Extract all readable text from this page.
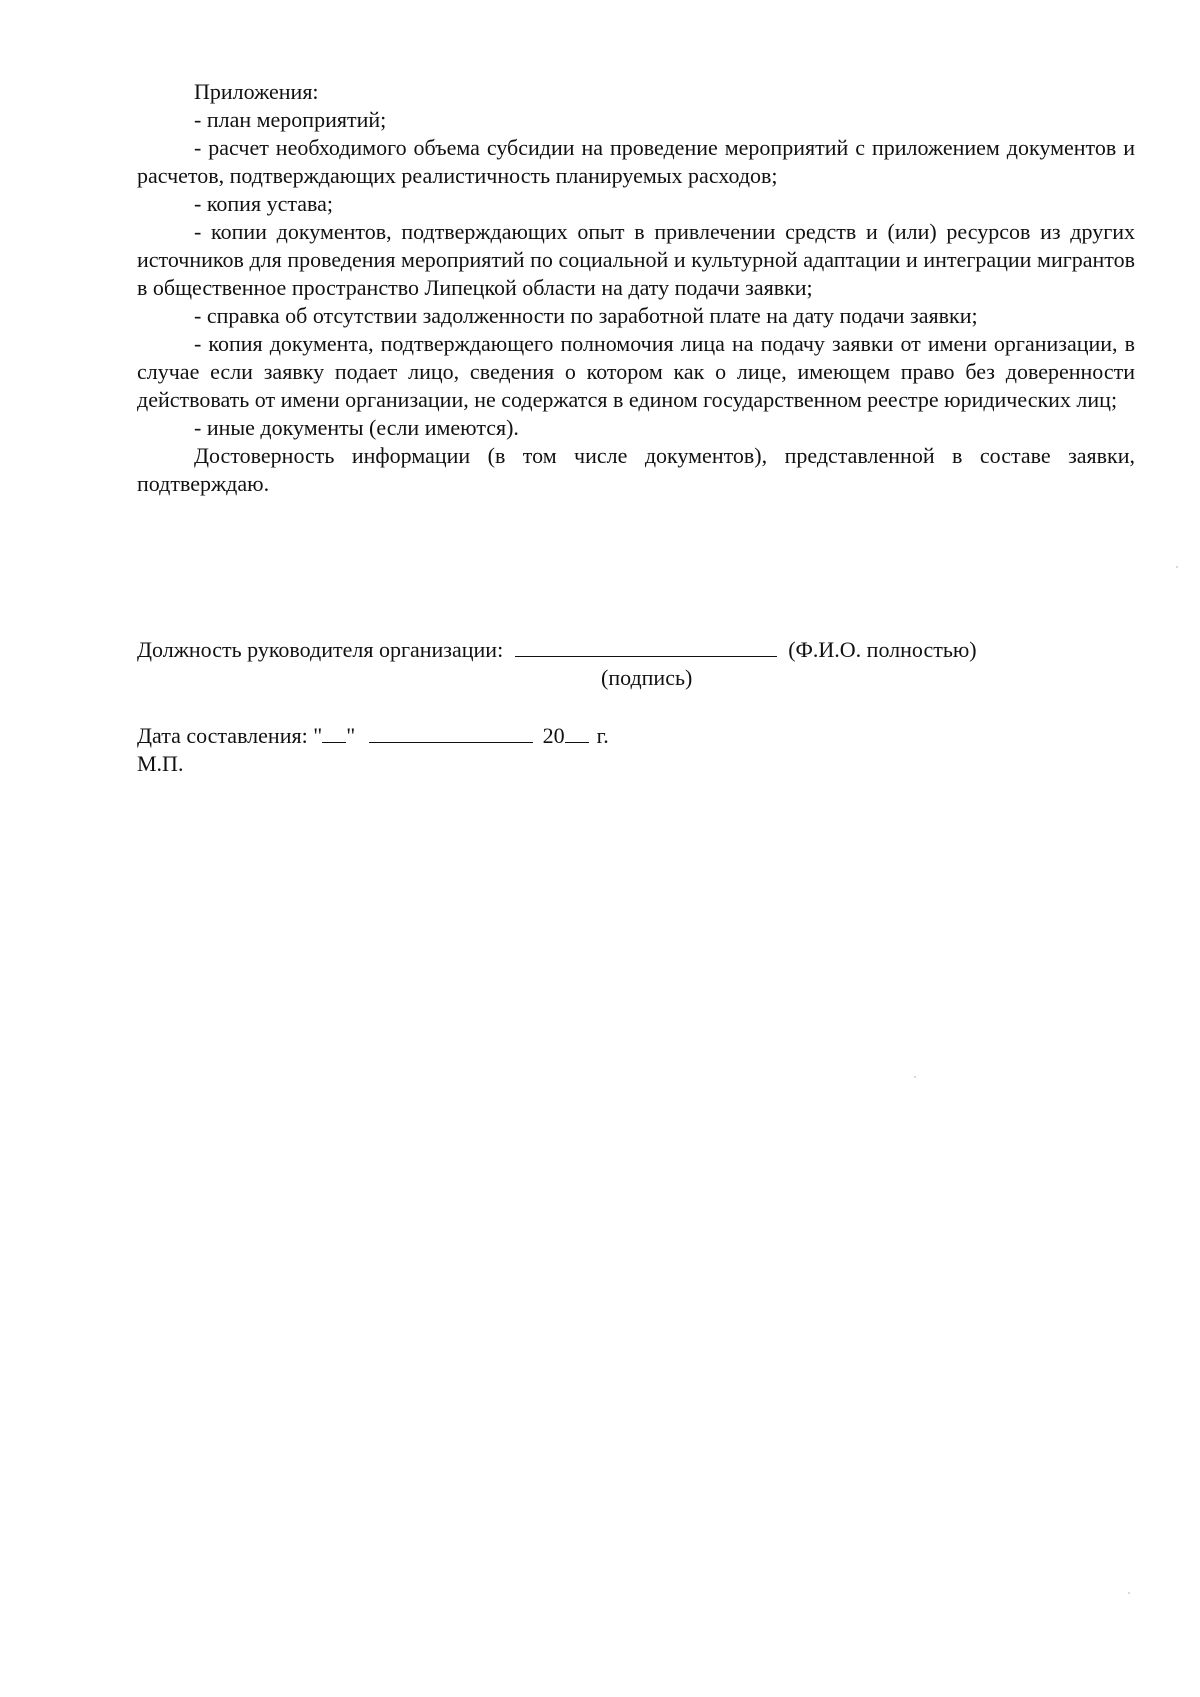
Приложения:

- план мероприятий;

- расчет необходимого объема субсидии на проведение мероприятий с приложением документов и расчетов, подтверждающих реалистичность планируемых расходов;

- копия устава;

- копии документов, подтверждающих опыт в привлечении средств и (или) ресурсов из других источников для проведения мероприятий по социальной и культурной адаптации и интеграции мигрантов в общественное пространство Липецкой области на дату подачи заявки;

- справка об отсутствии задолженности по заработной плате на дату подачи заявки;

- копия документа, подтверждающего полномочия лица на подачу заявки от имени организации, в случае если заявку подает лицо, сведения о котором как о лице, имеющем право без доверенности действовать от имени организации, не содержатся в едином государственном реестре юридических лиц;

- иные документы (если имеются).

Достоверность информации (в том числе документов), представленной в составе заявки, подтверждаю.

Должность руководителя организации:	(Ф.И.О. полностью)
(подпись)
Дата составления: " "	20 г.
М.П.
